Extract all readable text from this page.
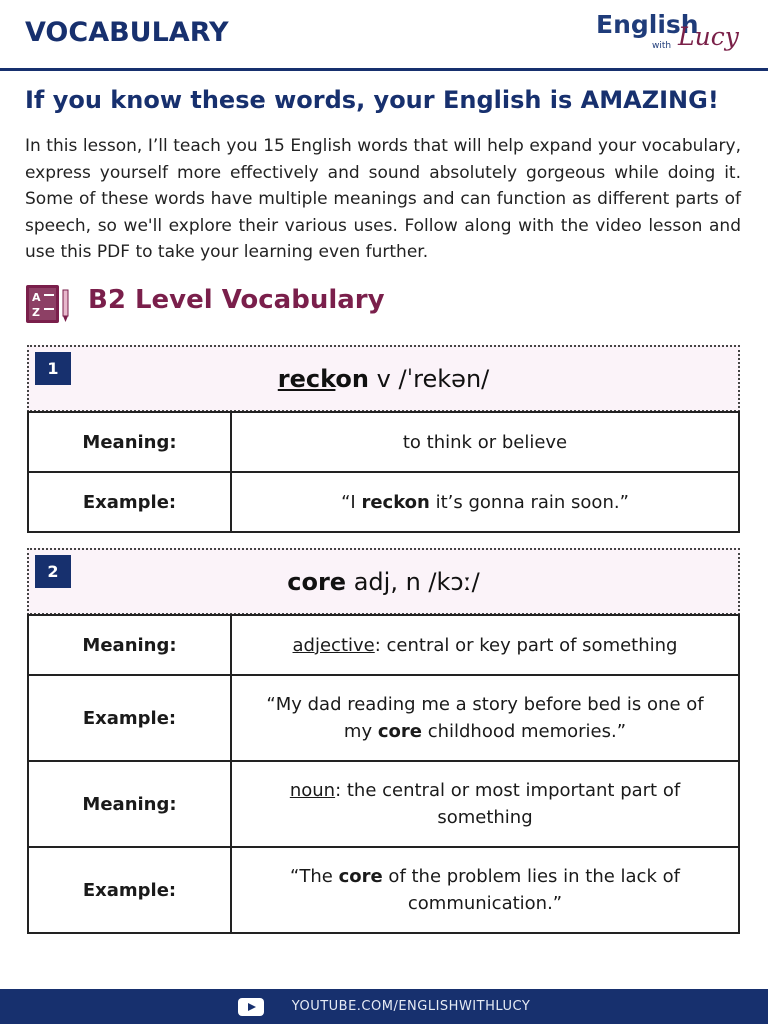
VOCABULARY	English
with Lucy
If you know these words, your English is AMAZING!

In this lesson, I’ll teach you 15 English words that will help expand your vocabulary, express yourself more effectively and sound absolutely gorgeous while doing it. Some of these words have multiple meanings and can function as different parts of speech, so we'll explore their various uses. Follow along with the video lesson and use this PDF to take your learning even further.

A
Z B2 Level Vocabulary
1	reckon v /ˈrekən/
Meaning:	to think or believe
Example:	“I reckon it’s gonna rain soon.”
2	core adj, n /kɔː/
Meaning:	adjective: central or key part of something
Example:	“My dad reading me a story before bed is one of my core childhood memories.”
Meaning:	noun: the central or most important part of something
Example:	“The core of the problem lies in the lack of communication.”
YOUTUBE.COM/ENGLISHWITHLUCY
